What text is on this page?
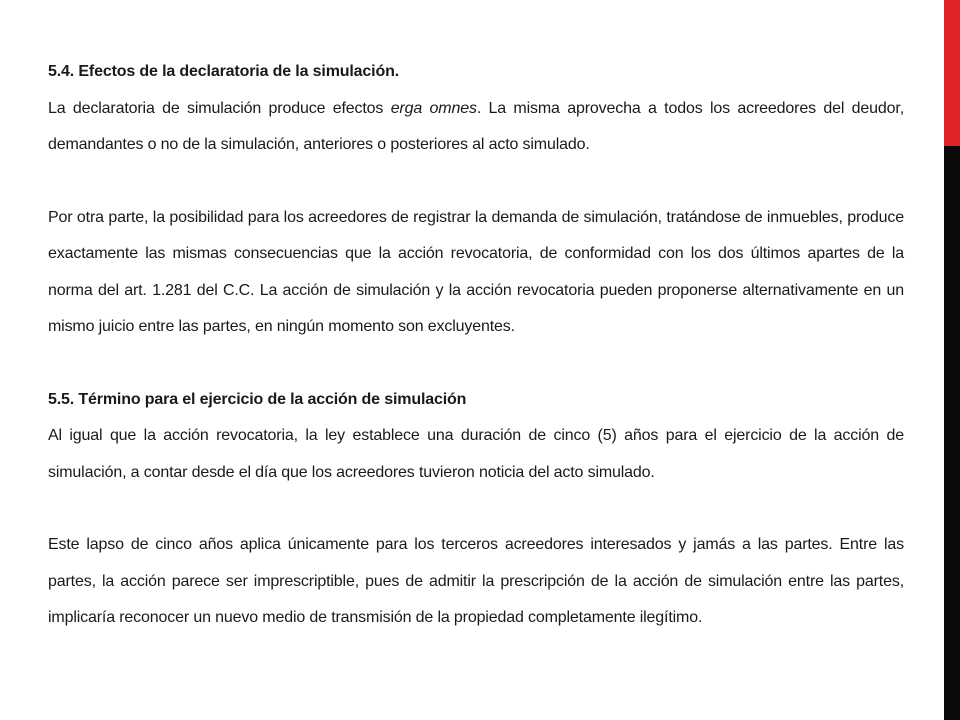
5.4. Efectos de la declaratoria de la simulación.

La declaratoria de simulación produce efectos erga omnes. La misma aprovecha a todos los acreedores del deudor, demandantes o no de la simulación, anteriores o posteriores al acto simulado.

Por otra parte, la posibilidad para los acreedores de registrar la demanda de simulación, tratándose de inmuebles, produce exactamente las mismas consecuencias que la acción revocatoria, de conformidad con los dos últimos apartes de la norma del art. 1.281 del C.C. La acción de simulación y la acción revocatoria pueden proponerse alternativamente en un mismo juicio entre las partes, en ningún momento son excluyentes.

5.5. Término para el ejercicio de la acción de simulación

Al igual que la acción revocatoria, la ley establece una duración de cinco (5) años para el ejercicio de la acción de simulación, a contar desde el día que los acreedores tuvieron noticia del acto simulado.

Este lapso de cinco años aplica únicamente para los terceros acreedores interesados y jamás a las partes. Entre las partes, la acción parece ser imprescriptible, pues de admitir la prescripción de la acción de simulación entre las partes, implicaría reconocer un nuevo medio de transmisión de la propiedad completamente ilegítimo.
